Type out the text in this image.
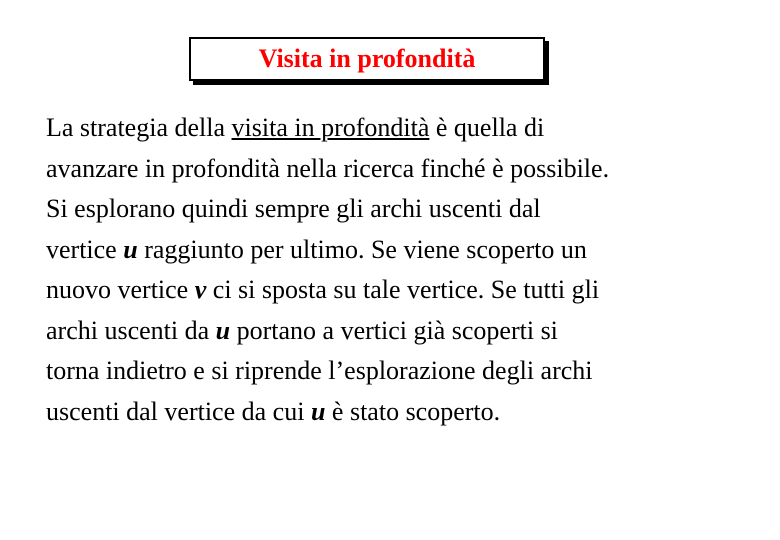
Visita in profondità

La strategia della visita in profondità è quella di

avanzare in profondità nella ricerca finché è possibile.

Si esplorano quindi sempre gli archi uscenti dal

vertice u raggiunto per ultimo. Se viene scoperto un

nuovo vertice v ci si sposta su tale vertice. Se tutti gli

archi uscenti da u portano a vertici già scoperti si

torna indietro e si riprende l’esplorazione degli archi

uscenti dal vertice da cui u è stato scoperto.
